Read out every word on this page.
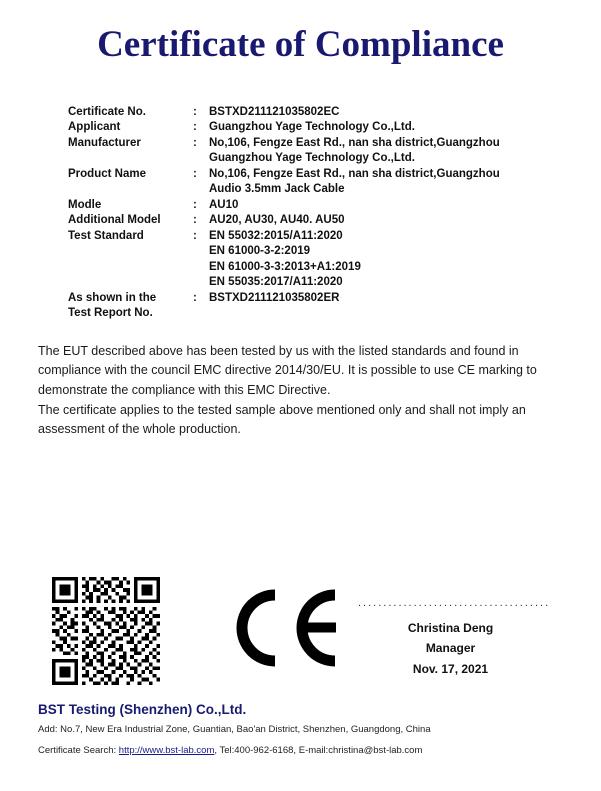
Certificate of Compliance
Certificate No.	:	BSTXD211121035802EC
Applicant	:	Guangzhou Yage Technology Co.,Ltd.
Manufacturer	:	No,106, Fengze East Rd., nan sha district,Guangzhou
Guangzhou Yage Technology Co.,Ltd.

Product Name	:	No,106, Fengze East Rd., nan sha district,Guangzhou
Audio 3.5mm Jack Cable

Modle	:	AU10
Additional Model	:	AU20, AU30, AU40. AU50
Test Standard	:	EN 55032:2015/A11:2020
EN 61000-3-2:2019
EN 61000-3-3:2013+A1:2019
EN 55035:2017/A11:2020

As shown in the
Test Report No.	:	BSTXD211121035802ER

The EUT described above has been tested by us with the listed standards and found in compliance with the council EMC directive 2014/30/EU. It is possible to use CE marking to demonstrate the compliance with this EMC Directive.

The certificate applies to the tested sample above mentioned only and shall not imply an assessment of the whole production.

......................................
Christina Deng
Manager
Nov. 17, 2021
BST Testing (Shenzhen) Co.,Ltd.
Add: No.7, New Era Industrial Zone, Guantian, Bao'an District, Shenzhen, Guangdong, China
Certificate Search: http://www.bst-lab.com, Tel:400-962-6168, E-mail:christina@bst-lab.com
